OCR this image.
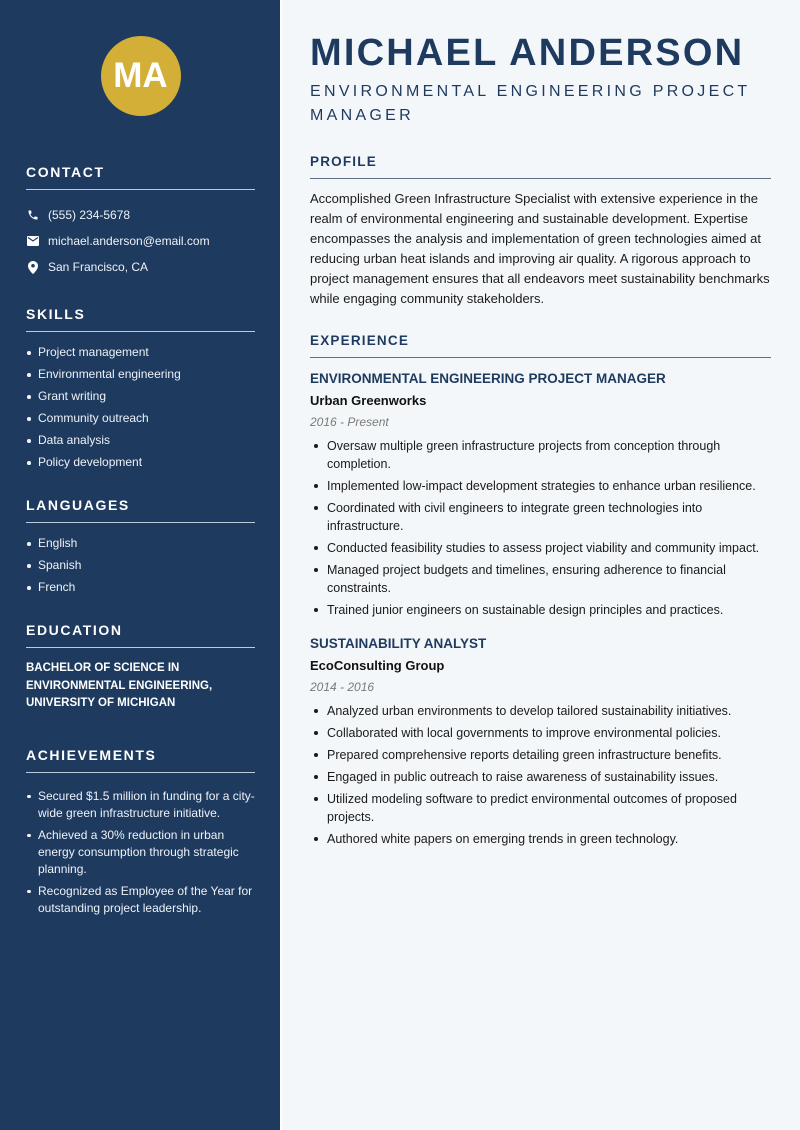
MA
CONTACT
(555) 234-5678
michael.anderson@email.com
San Francisco, CA
SKILLS
Project management
Environmental engineering
Grant writing
Community outreach
Data analysis
Policy development
LANGUAGES
English
Spanish
French
EDUCATION
BACHELOR OF SCIENCE IN ENVIRONMENTAL ENGINEERING, UNIVERSITY OF MICHIGAN
ACHIEVEMENTS
Secured $1.5 million in funding for a city-wide green infrastructure initiative.
Achieved a 30% reduction in urban energy consumption through strategic planning.
Recognized as Employee of the Year for outstanding project leadership.
MICHAEL ANDERSON
ENVIRONMENTAL ENGINEERING PROJECT MANAGER
PROFILE

Accomplished Green Infrastructure Specialist with extensive experience in the realm of environmental engineering and sustainable development. Expertise encompasses the analysis and implementation of green technologies aimed at reducing urban heat islands and improving air quality. A rigorous approach to project management ensures that all endeavors meet sustainability benchmarks while engaging community stakeholders.

EXPERIENCE
ENVIRONMENTAL ENGINEERING PROJECT MANAGER
Urban Greenworks
2016 - Present
Oversaw multiple green infrastructure projects from conception through completion.
Implemented low-impact development strategies to enhance urban resilience.
Coordinated with civil engineers to integrate green technologies into infrastructure.
Conducted feasibility studies to assess project viability and community impact.
Managed project budgets and timelines, ensuring adherence to financial constraints.
Trained junior engineers on sustainable design principles and practices.
SUSTAINABILITY ANALYST
EcoConsulting Group
2014 - 2016
Analyzed urban environments to develop tailored sustainability initiatives.
Collaborated with local governments to improve environmental policies.
Prepared comprehensive reports detailing green infrastructure benefits.
Engaged in public outreach to raise awareness of sustainability issues.
Utilized modeling software to predict environmental outcomes of proposed projects.
Authored white papers on emerging trends in green technology.
